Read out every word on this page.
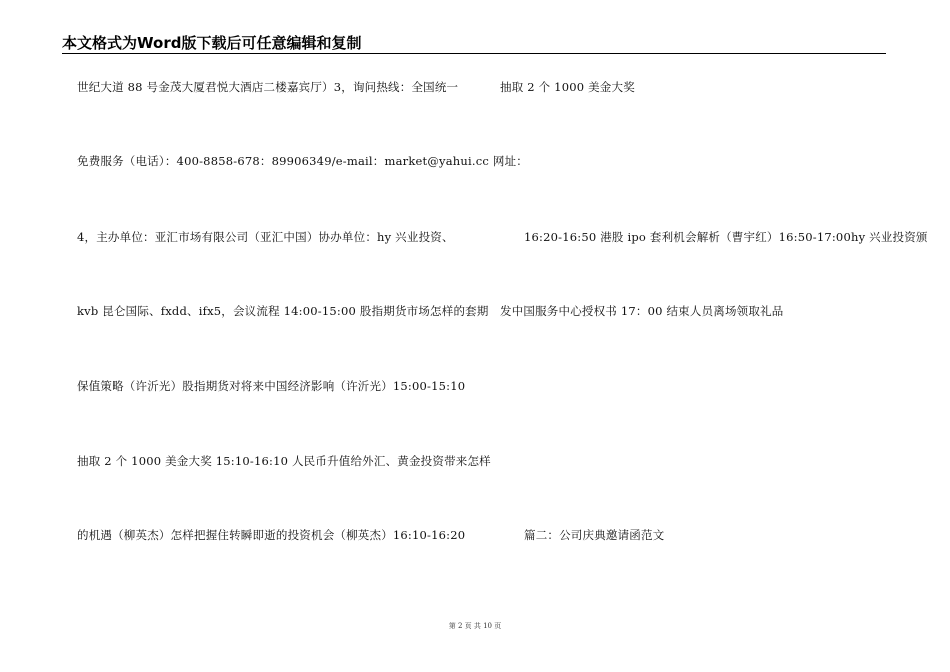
本文格式为Word版下载后可任意编辑和复制
世纪大道 88 号金茂大厦君悦大酒店二楼嘉宾厅）3，询问热线：全国统一
免费服务（电话）：400-8858-678：89906349/e-mail：market@yahui.cc 网址：
4，主办单位：亚汇市场有限公司（亚汇中国）协办单位：hy 兴业投资、
kvb 昆仑国际、fxdd、ifx5，会议流程 14:00-15:00 股指期货市场怎样的套期
保值策略（许沂光）股指期货对将来中国经济影响（许沂光）15:00-15:10
抽取 2 个 1000 美金大奖 15:10-16:10 人民币升值给外汇、黄金投资带来怎样
的机遇（柳英杰）怎样把握住转瞬即逝的投资机会（柳英杰）16:10-16:20
抽取 2 个 1000 美金大奖
16:20-16:50 港股 ipo 套利机会解析（曹宇红）16:50-17:00hy 兴业投资颁
发中国服务中心授权书 17：00 结束人员离场领取礼品
篇二：公司庆典邀请函范文
第 2 页 共 10 页
